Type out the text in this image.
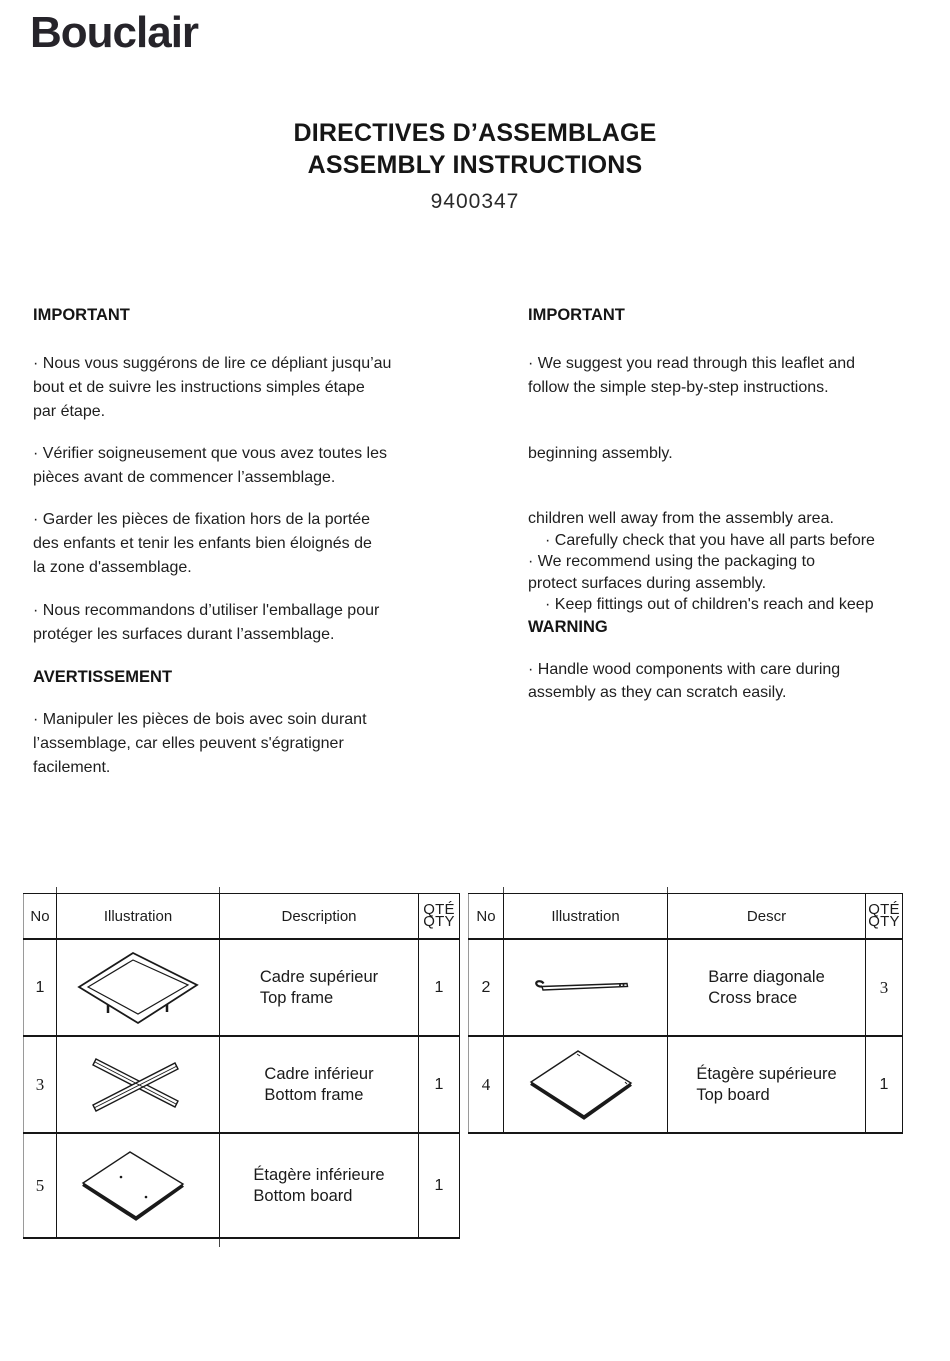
Bouclair
DIRECTIVES D’ASSEMBLAGE
ASSEMBLY INSTRUCTIONS
9400347
IMPORTANT
· Nous vous suggérons de lire ce dépliant jusqu’au
bout et de suivre les instructions simples étape
par étape.
· Vérifier soigneusement que vous avez toutes les
pièces avant de commencer l’assemblage.
· Garder les pièces de fixation hors de la portée
des enfants et tenir les enfants bien éloignés de
la zone d'assemblage.
· Nous recommandons d’utiliser l'emballage pour
protéger les surfaces durant l’assemblage.
AVERTISSEMENT
· Manipuler les pièces de bois avec soin durant
l’assemblage, car elles peuvent s'égratigner
facilement.
IMPORTANT
· We suggest you read through this leaflet and
follow the simple step-by-step instructions.
beginning assembly.
children well away from the assembly area.
· Carefully check that you have all parts before
· We recommend using the packaging to
protect surfaces during assembly.
· Keep fittings out of children's reach and keep
WARNING
· Handle wood components with care during
assembly as they can scratch easily.
No	Illustration	Description	QTÉ
QTY

1		Cadre supérieur
Top frame	1
3		Cadre inférieur
Bottom frame	1
5		Étagère inférieure
Bottom board	1
No	Illustration	Descr	QTÉ
QTY

2		Barre diagonale
Cross brace	3
4		Étagère supérieure
Top board	1
